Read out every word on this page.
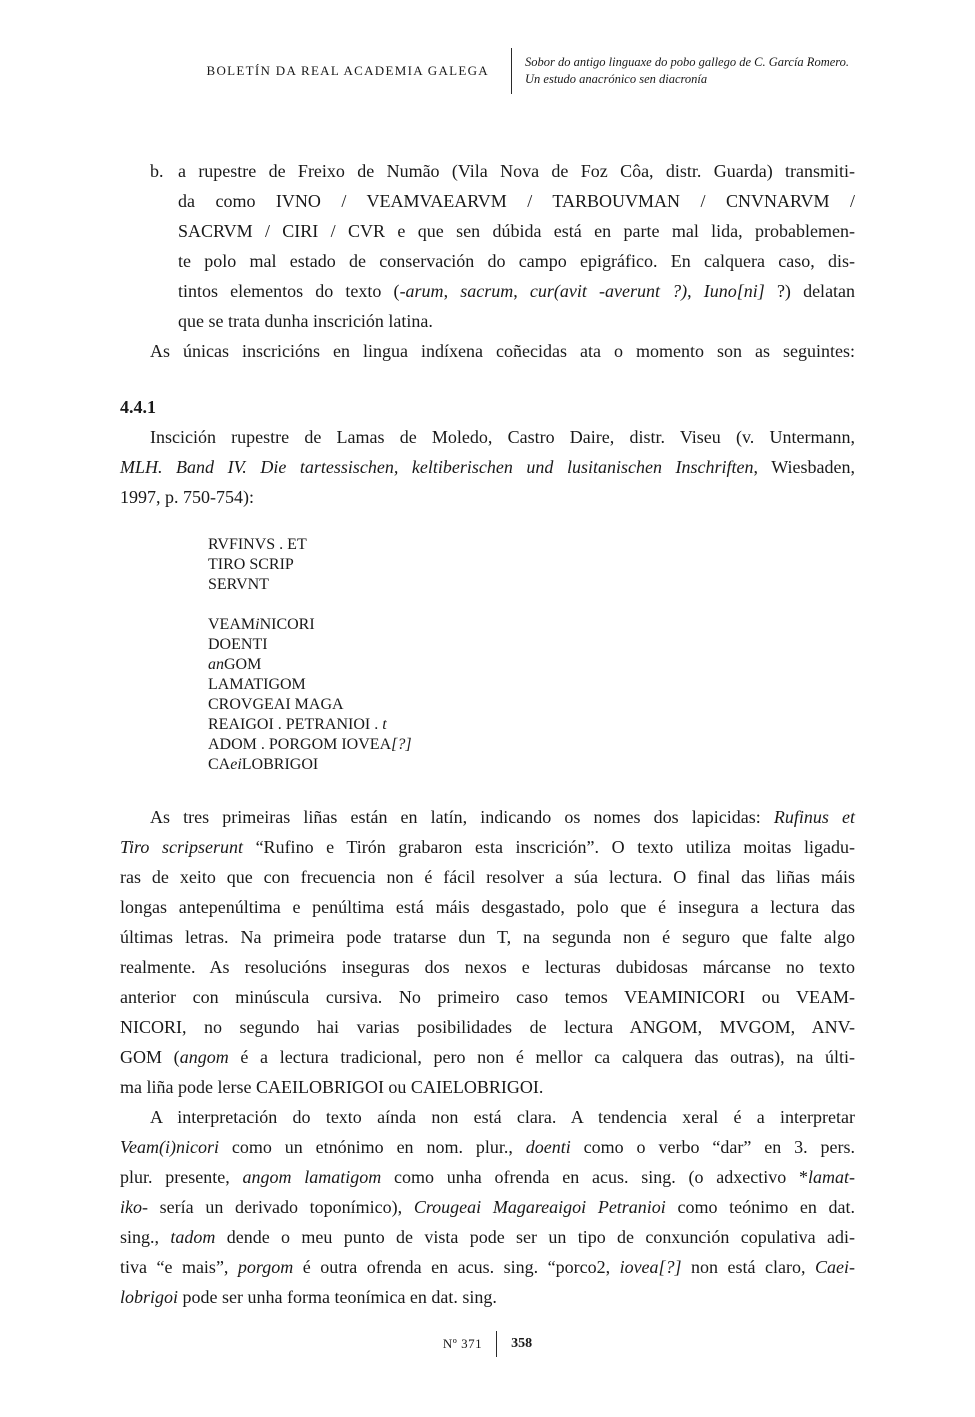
BOLETÍN DA REAL ACADEMIA GALEGA
Sobor do antigo linguaxe do pobo gallego de C. García Romero.
Un estudo anacrónico sen diacronía
b. a rupestre de Freixo de Numão (Vila Nova de Foz Côa, distr. Guarda) transmiti-
da como IVNO / VEAMVAEARVM / TARBOUVMAN / CNVNARVM /
SACRVM / CIRI / CVR e que sen dúbida está en parte mal lida, probablemen-
te polo mal estado de conservación do campo epigráfico. En calquera caso, dis-
tintos elementos do texto (-arum, sacrum, cur(avit -averunt ?), Iuno[ni] ?) delatan
que se trata dunha inscrición latina.
As únicas inscricións en lingua indíxena coñecidas ata o momento son as seguintes:
4.4.1
Inscición rupestre de Lamas de Moledo, Castro Daire, distr. Viseu (v. Untermann,
MLH. Band IV. Die tartessischen, keltiberischen und lusitanischen Inschriften, Wiesbaden,
1997, p. 750-754):
RVFINVS . ET
TIRO SCRIP
SERVNT
VEAMiNICORI
DOENTI
anGOM
LAMATIGOM
CROVGEAI MAGA
REAIGOI . PETRANIOI . t
ADOM . PORGOM IOVEA[?]
CAeiLOBRIGOI
As tres primeiras liñas están en latín, indicando os nomes dos lapicidas: Rufinus et
Tiro scripserunt “Rufino e Tirón grabaron esta inscrición”. O texto utiliza moitas ligadu-
ras de xeito que con frecuencia non é fácil resolver a súa lectura. O final das liñas máis
longas antepenúltima e penúltima está máis desgastado, polo que é insegura a lectura das
últimas letras. Na primeira pode tratarse dun T, na segunda non é seguro que falte algo
realmente. As resolucións inseguras dos nexos e lecturas dubidosas márcanse no texto
anterior con minúscula cursiva. No primeiro caso temos VEAMINICORI ou VEAM-
NICORI, no segundo hai varias posibilidades de lectura ANGOM, MVGOM, ANV-
GOM (angom é a lectura tradicional, pero non é mellor ca calquera das outras), na últi-
ma liña pode lerse CAEILOBRIGOI ou CAIELOBRIGOI.
A interpretación do texto aínda non está clara. A tendencia xeral é a interpretar
Veam(i)nicori como un etnónimo en nom. plur., doenti como o verbo “dar” en 3. pers.
plur. presente, angom lamatigom como unha ofrenda en acus. sing. (o adxectivo *lamat-
iko- sería un derivado toponímico), Crougeai Magareaigoi Petranioi como teónimo en dat.
sing., tadom dende o meu punto de vista pode ser un tipo de conxunción copulativa adi-
tiva “e mais”, porgom é outra ofrenda en acus. sing. “porco2, iovea[?] non está claro, Caei-
lobrigoi pode ser unha forma teonímica en dat. sing.
Nº 371 358
